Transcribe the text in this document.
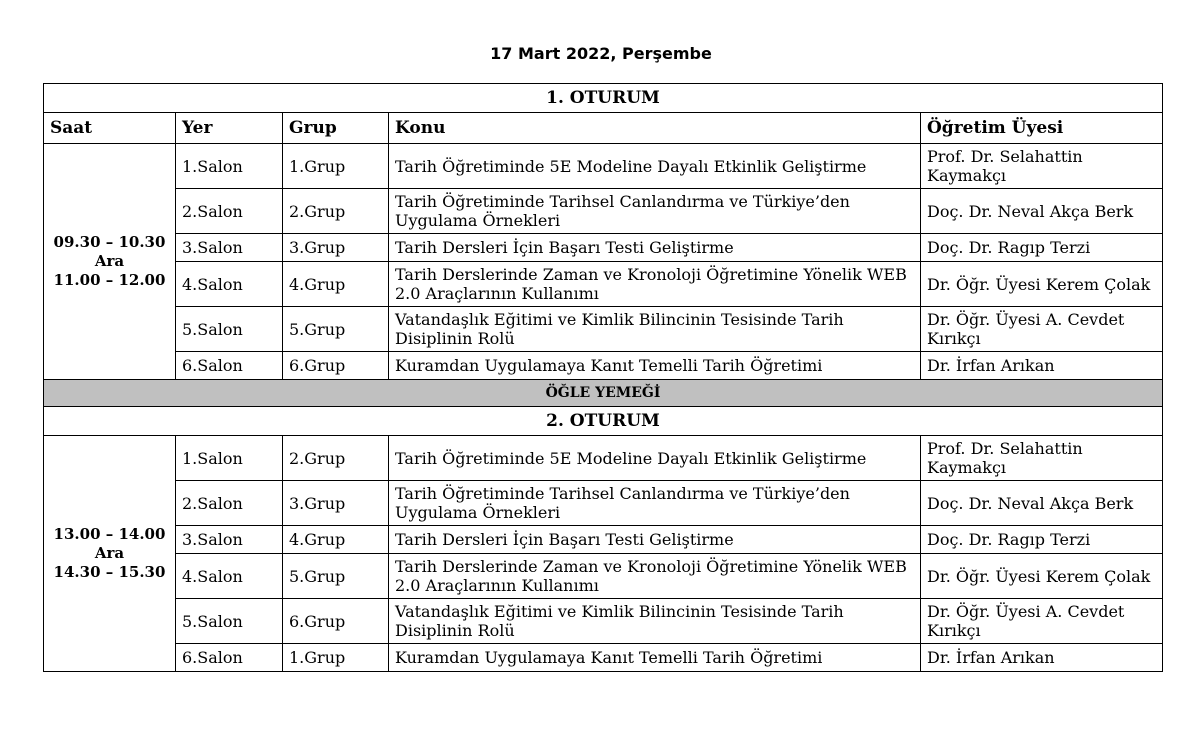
17 Mart 2022, Perşembe
1. OTURUM				
Saat	Yer	Grup	Konu	Öğretim Üyesi

09.30 – 10.30
Ara
11.00 – 12.00	1.Salon	1.Grup	Tarih Öğretiminde 5E Modeline Dayalı Etkinlik Geliştirme	Prof. Dr. Selahattin Kaymakçı
	2.Salon	2.Grup	Tarih Öğretiminde Tarihsel Canlandırma ve Türkiye’den Uygulama Örnekleri	Doç. Dr. Neval Akça Berk
	3.Salon	3.Grup	Tarih Dersleri İçin Başarı Testi Geliştirme	Doç. Dr. Ragıp Terzi
	4.Salon	4.Grup	Tarih Derslerinde Zaman ve Kronoloji Öğretimine Yönelik WEB 2.0 Araçlarının Kullanımı	Dr. Öğr. Üyesi Kerem Çolak
	5.Salon	5.Grup	Vatandaşlık Eğitimi ve Kimlik Bilincinin Tesisinde Tarih Disiplinin Rolü	Dr. Öğr. Üyesi A. Cevdet Kırıkçı
	6.Salon	6.Grup	Kuramdan Uygulamaya Kanıt Temelli Tarih Öğretimi	Dr. İrfan Arıkan
ÖĞLE YEMEĞİ				
2. OTURUM				

13.00 – 14.00
Ara
14.30 – 15.30	1.Salon	2.Grup	Tarih Öğretiminde 5E Modeline Dayalı Etkinlik Geliştirme	Prof. Dr. Selahattin Kaymakçı
	2.Salon	3.Grup	Tarih Öğretiminde Tarihsel Canlandırma ve Türkiye’den Uygulama Örnekleri	Doç. Dr. Neval Akça Berk
	3.Salon	4.Grup	Tarih Dersleri İçin Başarı Testi Geliştirme	Doç. Dr. Ragıp Terzi
	4.Salon	5.Grup	Tarih Derslerinde Zaman ve Kronoloji Öğretimine Yönelik WEB 2.0 Araçlarının Kullanımı	Dr. Öğr. Üyesi Kerem Çolak
	5.Salon	6.Grup	Vatandaşlık Eğitimi ve Kimlik Bilincinin Tesisinde Tarih Disiplinin Rolü	Dr. Öğr. Üyesi A. Cevdet Kırıkçı
	6.Salon	1.Grup	Kuramdan Uygulamaya Kanıt Temelli Tarih Öğretimi	Dr. İrfan Arıkan
